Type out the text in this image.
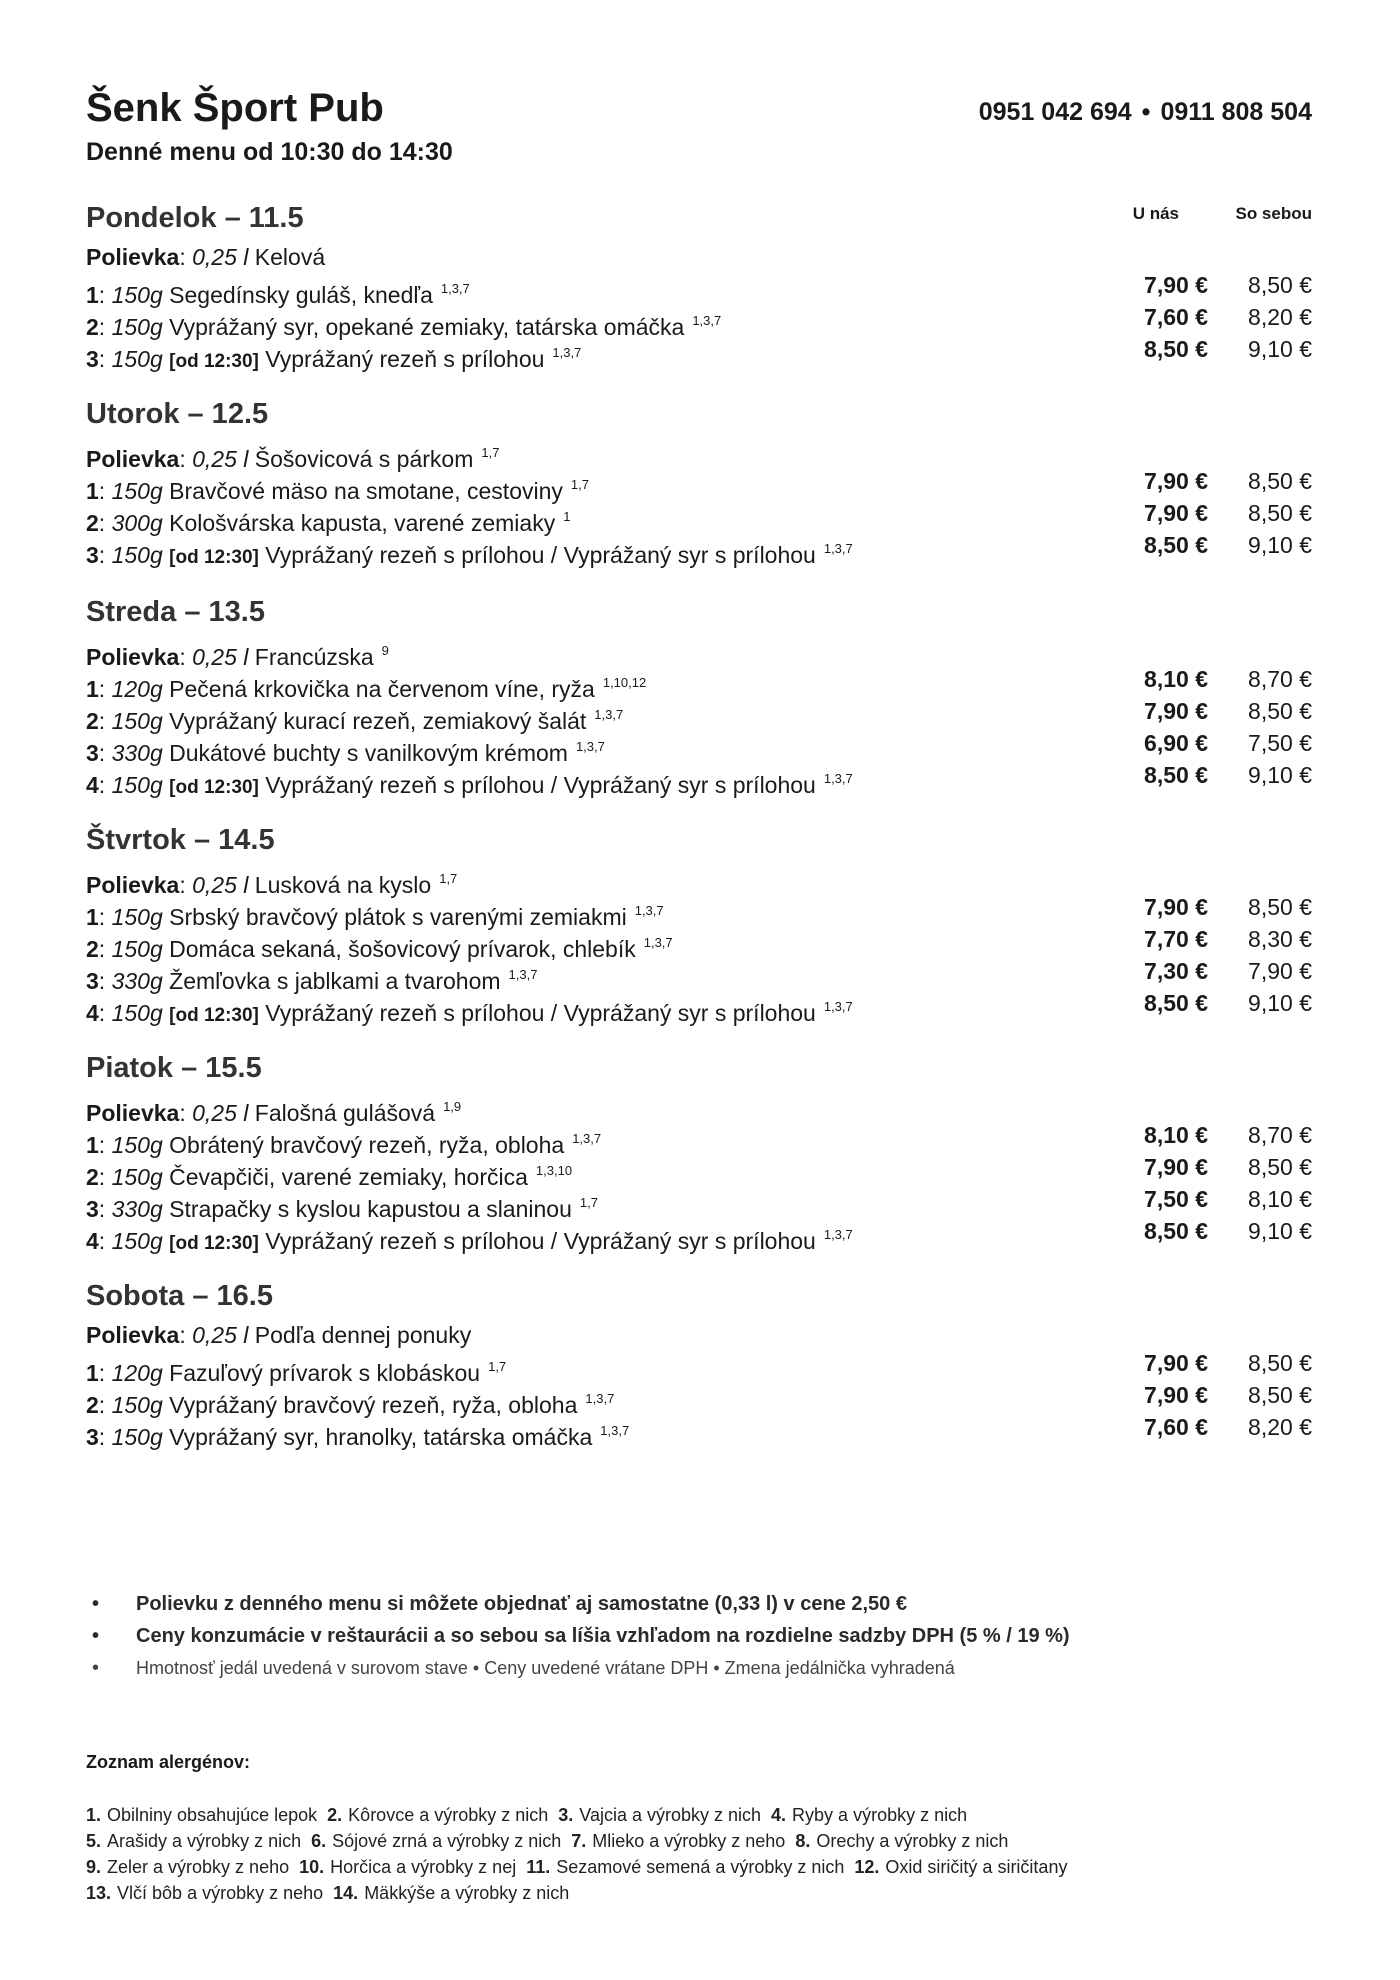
Šenk Šport Pub
Denné menu od 10:30 do 14:30
0951 042 694 • 0911 808 504
U nás	So sebou
Pondelok – 11.5
Polievka: 0,25 l Kelová
1: 150g Segedínsky guláš, knedľa $^{1,3,7}$	7,90 € 8,50 €
2: 150g Vyprážaný syr, opekané zemiaky, tatárska omáčka $^{1,3,7}$	7,60 € 8,20 €
3: 150g [od 12:30] Vyprážaný rezeň s prílohou $^{1,3,7}$	8,50 € 9,10 €
Utorok – 12.5
Polievka: 0,25 l Šošovicová s párkom $^{1,7}$
1: 150g Bravčové mäso na smotane, cestoviny $^{1,7}$	7,90 € 8,50 €
2: 300g Kološvárska kapusta, varené zemiaky $^1$	7,90 € 8,50 €
3: 150g [od 12:30] Vyprážaný rezeň s prílohou / Vyprážaný syr s prílohou $^{1,3,7}$	8,50 € 9,10 €
Streda – 13.5
Polievka: 0,25 l Francúzska $^9$
1: 120g Pečená krkovička na červenom víne, ryža $^{1,10,12}$	8,10 € 8,70 €
2: 150g Vyprážaný kurací rezeň, zemiakový šalát $^{1,3,7}$	7,90 € 8,50 €
3: 330g Dukátové buchty s vanilkovým krémom $^{1,3,7}$	6,90 € 7,50 €
4: 150g [od 12:30] Vyprážaný rezeň s prílohou / Vyprážaný syr s prílohou $^{1,3,7}$	8,50 € 9,10 €
Štvrtok – 14.5
Polievka: 0,25 l Lusková na kyslo $^{1,7}$
1: 150g Srbský bravčový plátok s varenými zemiakmi $^{1,3,7}$	7,90 € 8,50 €
2: 150g Domáca sekaná, šošovicový prívarok, chlebík $^{1,3,7}$	7,70 € 8,30 €
3: 330g Žemľovka s jablkami a tvarohom $^{1,3,7}$	7,30 € 7,90 €
4: 150g [od 12:30] Vyprážaný rezeň s prílohou / Vyprážaný syr s prílohou $^{1,3,7}$	8,50 € 9,10 €
Piatok – 15.5
Polievka: 0,25 l Falošná gulášová $^{1,9}$
1: 150g Obrátený bravčový rezeň, ryža, obloha $^{1,3,7}$	8,10 € 8,70 €
2: 150g Čevapčiči, varené zemiaky, horčica $^{1,3,10}$	7,90 € 8,50 €
3: 330g Strapačky s kyslou kapustou a slaninou $^{1,7}$	7,50 € 8,10 €
4: 150g [od 12:30] Vyprážaný rezeň s prílohou / Vyprážaný syr s prílohou $^{1,3,7}$	8,50 € 9,10 €
Sobota – 16.5
Polievka: 0,25 l Podľa dennej ponuky
1: 120g Fazuľový prívarok s klobáskou $^{1,7}$	7,90 € 8,50 €
2: 150g Vyprážaný bravčový rezeň, ryža, obloha $^{1,3,7}$	7,90 € 8,50 €
3: 150g Vyprážaný syr, hranolky, tatárska omáčka $^{1,3,7}$	7,60 € 8,20 €
• Polievku z denného menu si môžete objednať aj samostatne (0,33 l) v cene 2,50 €
• Ceny konzumácie v reštaurácii a so sebou sa líšia vzhľadom na rozdielne sadzby DPH (5 % / 19 %)
• Hmotnosť jedál uvedená v surovom stave • Ceny uvedené vrátane DPH • Zmena jedálnička vyhradená
Zoznam alergénov:
1. Obilniny obsahujúce lepok 2. Kôrovce a výrobky z nich 3. Vajcia a výrobky z nich 4. Ryby a výrobky z nich
5. Arašidy a výrobky z nich 6. Sójové zrná a výrobky z nich 7. Mlieko a výrobky z neho 8. Orechy a výrobky z nich
9. Zeler a výrobky z neho 10. Horčica a výrobky z nej 11. Sezamové semená a výrobky z nich 12. Oxid siričitý a siričitany
13. Vlčí bôb a výrobky z neho 14. Mäkkýše a výrobky z nich
